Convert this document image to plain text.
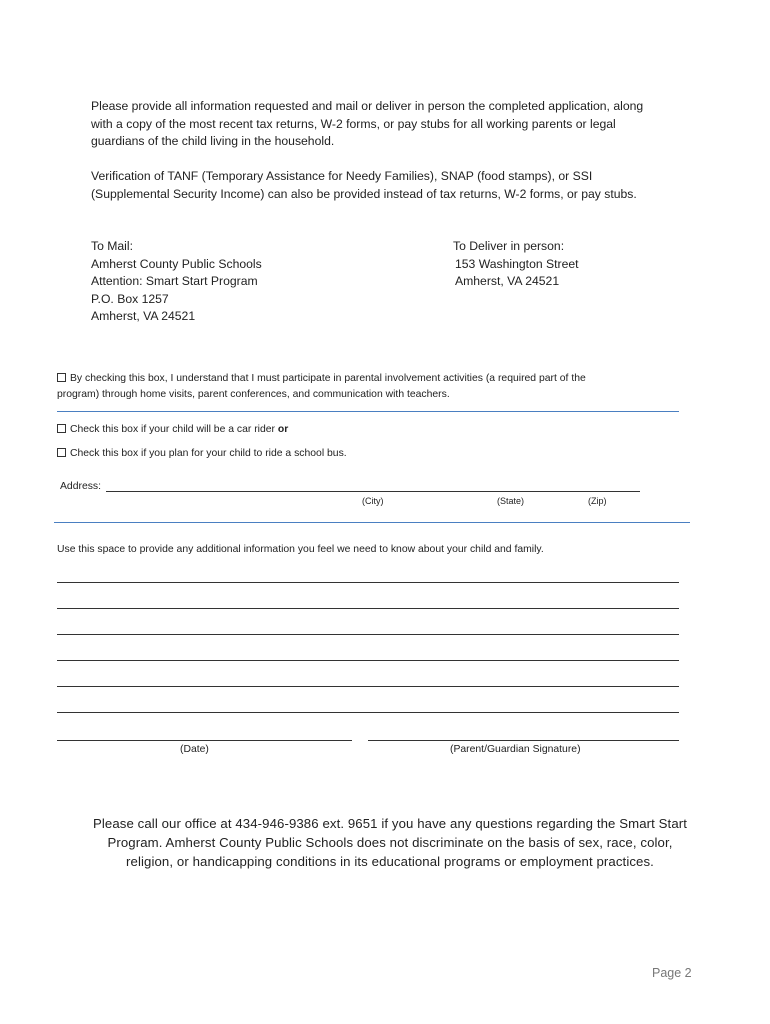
Please provide all information requested and mail or deliver in person the completed application, along
with a copy of the most recent tax returns, W-2 forms, or pay stubs for all working parents or legal
guardians of the child living in the household.
Verification of TANF (Temporary Assistance for Needy Families), SNAP (food stamps), or SSI
(Supplemental Security Income) can also be provided instead of tax returns, W-2 forms, or pay stubs.
To Mail:
Amherst County Public Schools
Attention: Smart Start Program
P.O. Box 1257
Amherst, VA 24521
To Deliver in person:
153 Washington Street
Amherst, VA 24521
By checking this box, I understand that I must participate in parental involvement activities (a required part of the
program) through home visits, parent conferences, and communication with teachers.
Check this box if your child will be a car rider or
Check this box if you plan for your child to ride a school bus.
Address:
(City)	(State)	(Zip)
Use this space to provide any additional information you feel we need to know about your child and family.
(Date)	(Parent/Guardian Signature)
Please call our office at 434-946-9386 ext. 9651 if you have any questions regarding the Smart Start
Program. Amherst County Public Schools does not discriminate on the basis of sex, race, color,
religion, or handicapping conditions in its educational programs or employment practices.
Page 2
